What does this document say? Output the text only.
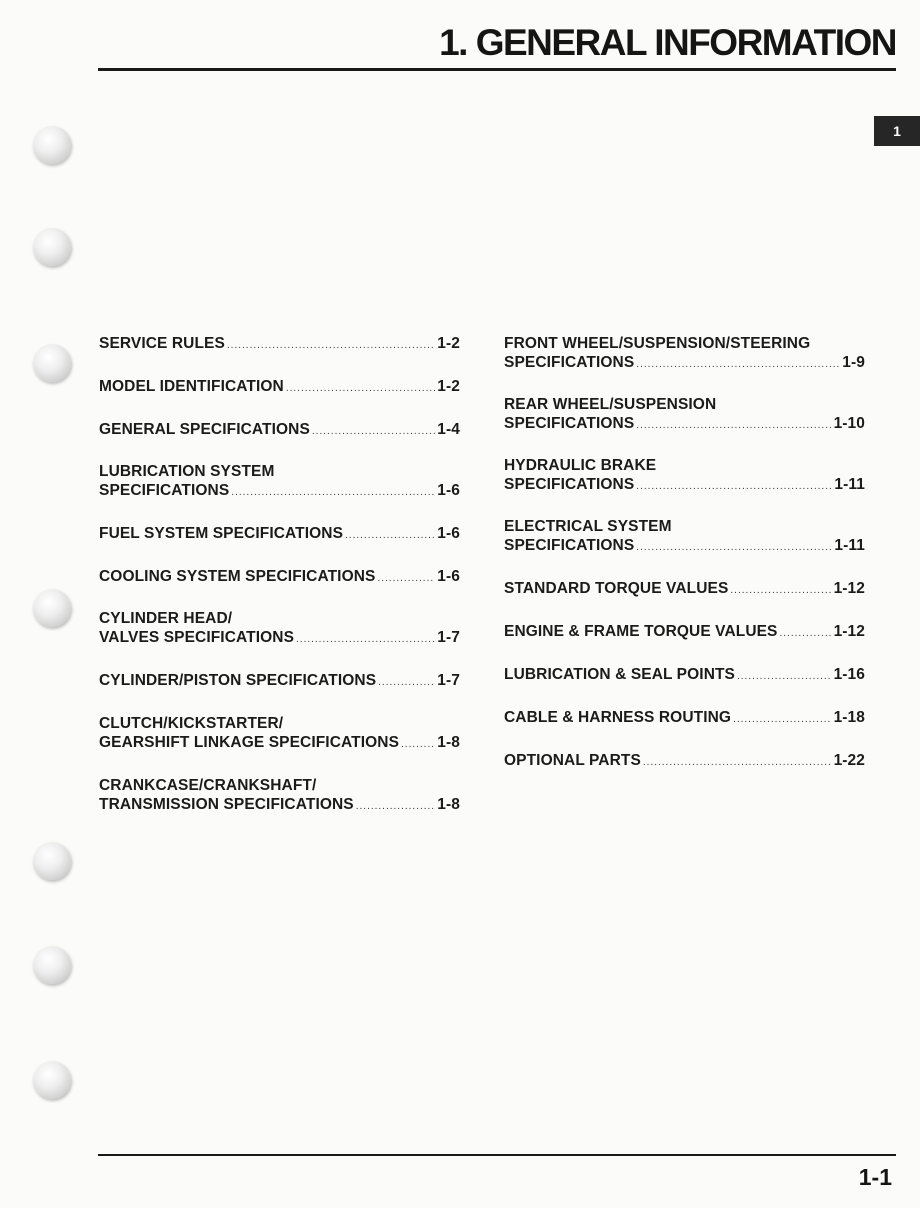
1. GENERAL INFORMATION
1
SERVICE RULES .....	1-2
MODEL IDENTIFICATION .....	1-2
GENERAL SPECIFICATIONS .....	1-4
LUBRICATION SYSTEM
SPECIFICATIONS .....	1-6
FUEL SYSTEM SPECIFICATIONS .....	1-6
COOLING SYSTEM SPECIFICATIONS .....	1-6
CYLINDER HEAD/
VALVES SPECIFICATIONS .....	1-7
CYLINDER/PISTON SPECIFICATIONS .....	1-7
CLUTCH/KICKSTARTER/
GEARSHIFT LINKAGE SPECIFICATIONS ..... 1-8
CRANKCASE/CRANKSHAFT/
TRANSMISSION SPECIFICATIONS .....	1-8
FRONT WHEEL/SUSPENSION/STEERING
SPECIFICATIONS .....	1-9
REAR WHEEL/SUSPENSION
SPECIFICATIONS .....	1-10
HYDRAULIC BRAKE
SPECIFICATIONS .....	1-11
ELECTRICAL SYSTEM
SPECIFICATIONS .....	1-11
STANDARD TORQUE VALUES .....	1-12
ENGINE & FRAME TORQUE VALUES .....	1-12
LUBRICATION & SEAL POINTS .....	1-16
CABLE & HARNESS ROUTING .....	1-18
OPTIONAL PARTS .....	1-22
1-1
